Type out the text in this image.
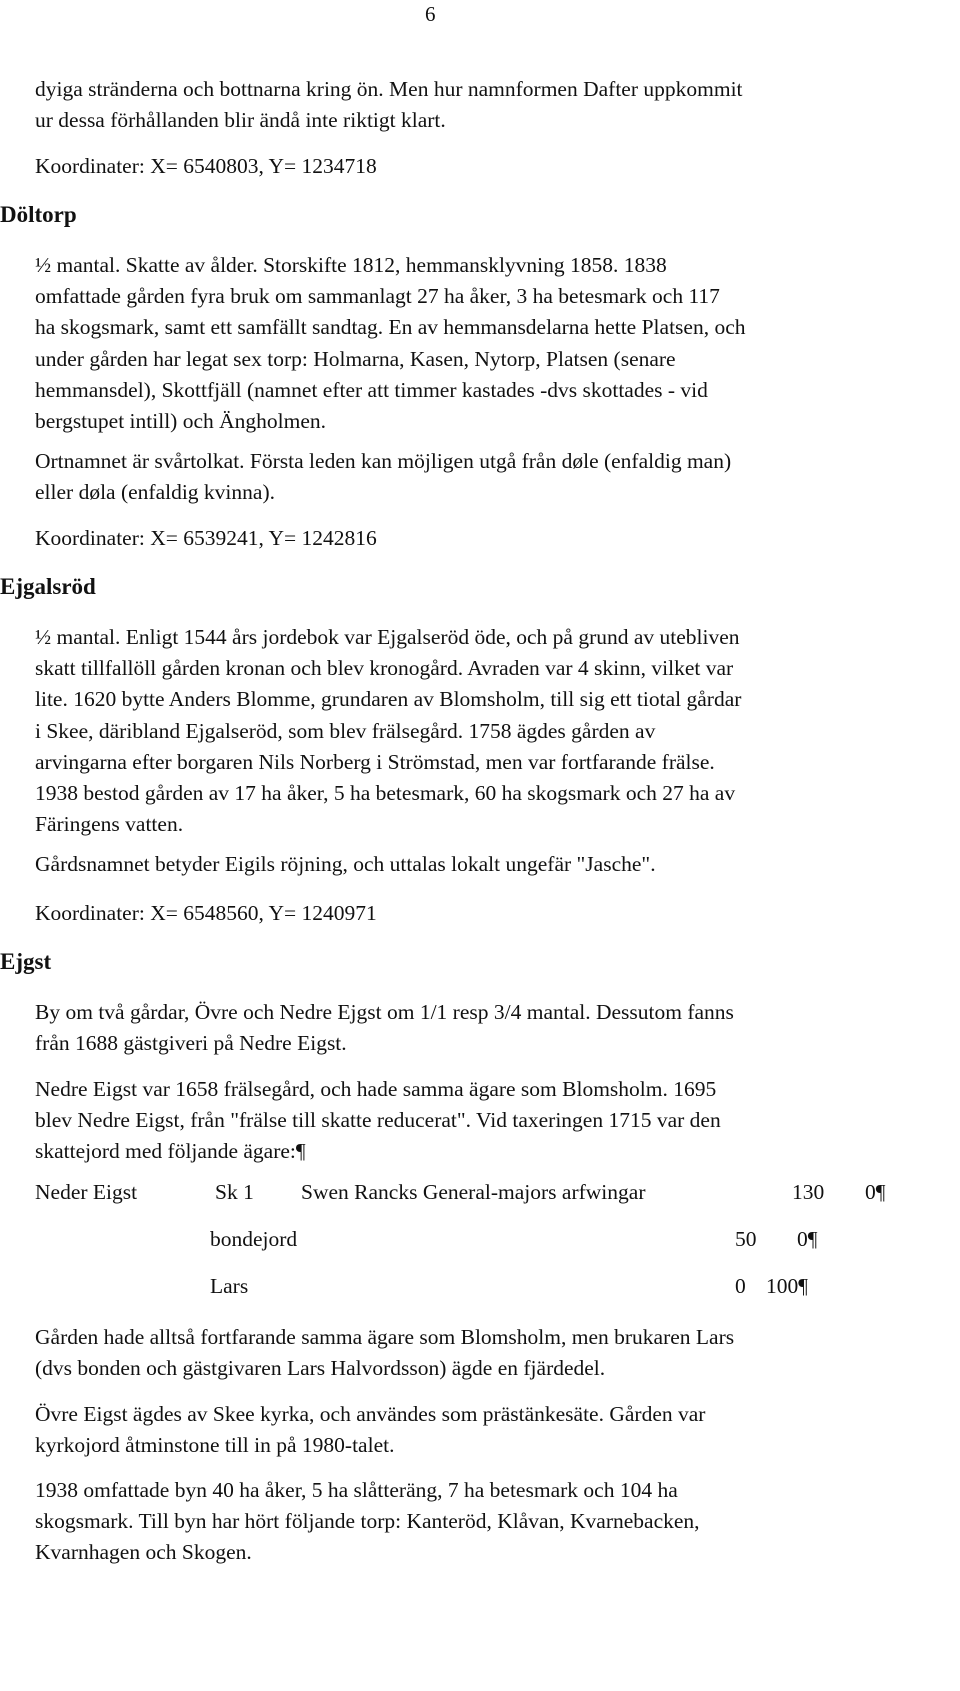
6
dyiga stränderna och bottnarna kring ön. Men hur namnformen Dafter uppkommit
ur dessa förhållanden blir ändå inte riktigt klart.
Koordinater: X= 6540803, Y= 1234718
Döltorp
½ mantal. Skatte av ålder. Storskifte 1812, hemmansklyvning 1858. 1838
omfattade gården fyra bruk om sammanlagt 27 ha åker, 3 ha betesmark och 117
ha skogsmark, samt ett samfällt sandtag. En av hemmansdelarna hette Platsen, och
under gården har legat sex torp: Holmarna, Kasen, Nytorp, Platsen (senare
hemmansdel), Skottfjäll (namnet efter att timmer kastades -dvs skottades - vid
bergstupet intill) och Ängholmen.
Ortnamnet är svårtolkat. Första leden kan möjligen utgå från døle (enfaldig man)
eller døla (enfaldig kvinna).
Koordinater: X= 6539241, Y= 1242816
Ejgalsröd
½ mantal. Enligt 1544 års jordebok var Ejgalseröd öde, och på grund av utebliven
skatt tillfallöll gården kronan och blev kronogård. Avraden var 4 skinn, vilket var
lite. 1620 bytte Anders Blomme, grundaren av Blomsholm, till sig ett tiotal gårdar
i Skee, däribland Ejgalseröd, som blev frälsegård. 1758 ägdes gården av
arvingarna efter borgaren Nils Norberg i Strömstad, men var fortfarande frälse.
1938 bestod gården av 17 ha åker, 5 ha betesmark, 60 ha skogsmark och 27 ha av
Färingens vatten.
Gårdsnamnet betyder Eigils röjning, och uttalas lokalt ungefär "Jasche".
Koordinater: X= 6548560, Y= 1240971
Ejgst
By om två gårdar, Övre och Nedre Ejgst om 1/1 resp 3/4 mantal. Dessutom fanns
från 1688 gästgiveri på Nedre Eigst.
Nedre Eigst var 1658 frälsegård, och hade samma ägare som Blomsholm. 1695
blev Nedre Eigst, från "frälse till skatte reducerat". Vid taxeringen 1715 var den
skattejord med följande ägare:¶
Neder Eigst	Sk 1 Swen Rancks General-majors arfwingar	130 0¶
bondejord	50 0¶
Lars	0 100¶
Gården hade alltså fortfarande samma ägare som Blomsholm, men brukaren Lars
(dvs bonden och gästgivaren Lars Halvordsson) ägde en fjärdedel.
Övre Eigst ägdes av Skee kyrka, och användes som prästänkesäte. Gården var
kyrkojord åtminstone till in på 1980-talet.
1938 omfattade byn 40 ha åker, 5 ha slåtteräng, 7 ha betesmark och 104 ha
skogsmark. Till byn har hört följande torp: Kanteröd, Klåvan, Kvarnebacken,
Kvarnhagen och Skogen.
